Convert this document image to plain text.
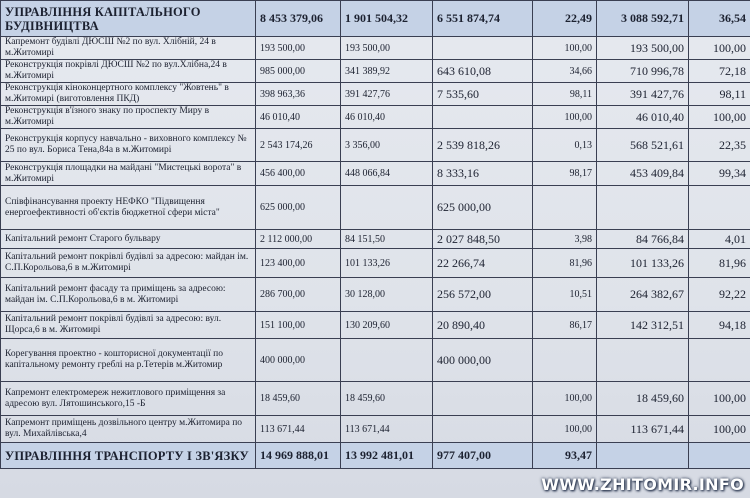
УПРАВЛІННЯ КАПІТАЛЬНОГО БУДІВНИЦТВА	8 453 379,06	1 901 504,32	6 551 874,74	22,49	3 088 592,71	36,54
Капремонт будівлі ДЮСШ №2 по вул. Хлібній, 24 в м.Житомирі	193 500,00	193 500,00		100,00	193 500,00	100,00
Реконструкція покрівлі ДЮСШ №2 по вул.Хлібна,24 в м.Житомирі	985 000,00	341 389,92	643 610,08	34,66	710 996,78	72,18
Реконструкція кіноконцертного комплексу "Жовтень" в м.Житомирі (виготовлення ПКД)	398 963,36	391 427,76	7 535,60	98,11	391 427,76	98,11
Реконструкція в'їзного знаку по проспекту Миру в м.Житомирі	46 010,40	46 010,40		100,00	46 010,40	100,00
Реконструкція корпусу навчально - виховного комплексу № 25 по вул. Бориса Тена,84а в м.Житомирі	2 543 174,26	3 356,00	2 539 818,26	0,13	568 521,61	22,35
Реконструкція площадки на майдані "Мистецькі ворота" в м.Житомирі	456 400,00	448 066,84	8 333,16	98,17	453 409,84	99,34
Співфінансування проекту НЕФКО "Підвищення енергоефективності об'єктів бюджетної сфери міста"	625 000,00		625 000,00			
Капітальний ремонт Старого бульвару	2 112 000,00	84 151,50	2 027 848,50	3,98	84 766,84	4,01
Капітальний ремонт покрівлі будівлі за адресою: майдан ім. С.П.Корольова,6 в м.Житомирі	123 400,00	101 133,26	22 266,74	81,96	101 133,26	81,96
Капітальний ремонт фасаду та приміщень за адресою: майдан ім. С.П.Корольова,6 в м. Житомирі	286 700,00	30 128,00	256 572,00	10,51	264 382,67	92,22
Капітальний ремонт покрівлі будівлі за адресою: вул. Щорса,6 в м. Житомирі	151 100,00	130 209,60	20 890,40	86,17	142 312,51	94,18
Корегування проектно - кошторисної документації по капітальному ремонту греблі на р.Тетерів м.Житомир	400 000,00		400 000,00			
Капремонт електромереж нежитлового приміщення за адресою вул. Лятошинського,15 -Б	18 459,60	18 459,60		100,00	18 459,60	100,00
Капремонт приміщень дозвільного центру м.Житомира по вул. Михайлівська,4	113 671,44	113 671,44		100,00	113 671,44	100,00
УПРАВЛІННЯ ТРАНСПОРТУ І ЗВ'ЯЗКУ	14 969 888,01	13 992 481,01	977 407,00	93,47		
WWW.ZHITOMIR.INFO
